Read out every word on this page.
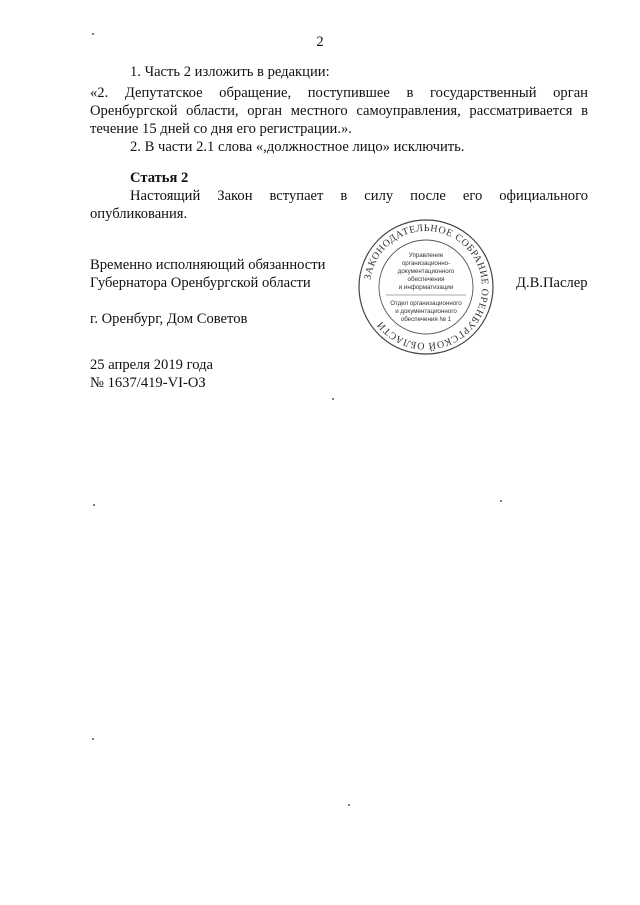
2
1. Часть 2 изложить в редакции:
«2. Депутатское обращение, поступившее в государственный орган
Оренбургской области, орган местного самоуправления, рассматривается в
течение 15 дней со дня его регистрации.».
2. В части 2.1 слова «,должностное лицо» исключить.
Статья 2
Настоящий Закон вступает в силу после его официального
опубликования.
Временно исполняющий обязанности
Губернатора Оренбургской области	Д.В.Паслер
г. Оренбург, Дом Советов
25 апреля 2019 года
№ 1637/419-VI-ОЗ
ЗАКОНОДАТЕЛЬНОЕ СОБРАНИЕ ОРЕНБУРГСКОЙ ОБЛАСТИ
Управление
организационно-
документационного
обеспечения
и информатизации
Отдел организационного
и документационного
обеспечения № 1
